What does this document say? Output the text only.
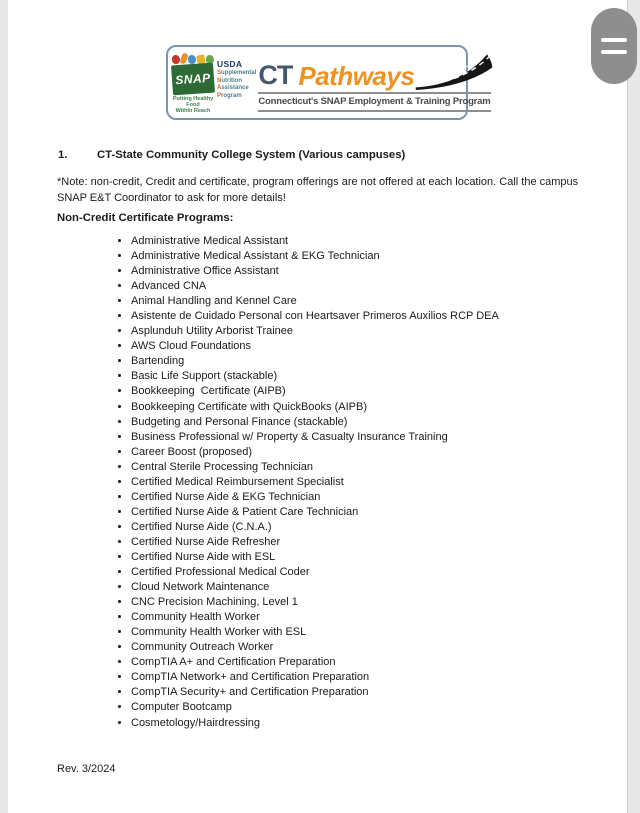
SNAP
Putting Healthy Food
Within Reach
USDA
Supplemental
Nutrition
Assistance
Program
CT Pathways
Connecticut's SNAP Employment & Training Program
1.	CT-State Community College System (Various campuses)

*Note: non-credit, Credit and certificate, program offerings are not offered at each location. Call the campus SNAP E&T Coordinator to ask for more details!

Non-Credit Certificate Programs:

• Administrative Medical Assistant
• Administrative Medical Assistant & EKG Technician
• Administrative Office Assistant
• Advanced CNA
• Animal Handling and Kennel Care
• Asistente de Cuidado Personal con Heartsaver Primeros Auxilios RCP DEA
• Asplunduh Utility Arborist Trainee
• AWS Cloud Foundations
• Bartending
• Basic Life Support (stackable)
• Bookkeeping  Certificate (AIPB)
• Bookkeeping Certificate with QuickBooks (AIPB)
• Budgeting and Personal Finance (stackable)
• Business Professional w/ Property & Casualty Insurance Training
• Career Boost (proposed)
• Central Sterile Processing Technician
• Certified Medical Reimbursement Specialist
• Certified Nurse Aide & EKG Technician
• Certified Nurse Aide & Patient Care Technician
• Certified Nurse Aide (C.N.A.)
• Certified Nurse Aide Refresher
• Certified Nurse Aide with ESL
• Certified Professional Medical Coder
• Cloud Network Maintenance
• CNC Precision Machining, Level 1
• Community Health Worker
• Community Health Worker with ESL
• Community Outreach Worker
• CompTIA A+ and Certification Preparation
• CompTIA Network+ and Certification Preparation
• CompTIA Security+ and Certification Preparation
• Computer Bootcamp
• Cosmetology/Hairdressing
Rev. 3/2024
